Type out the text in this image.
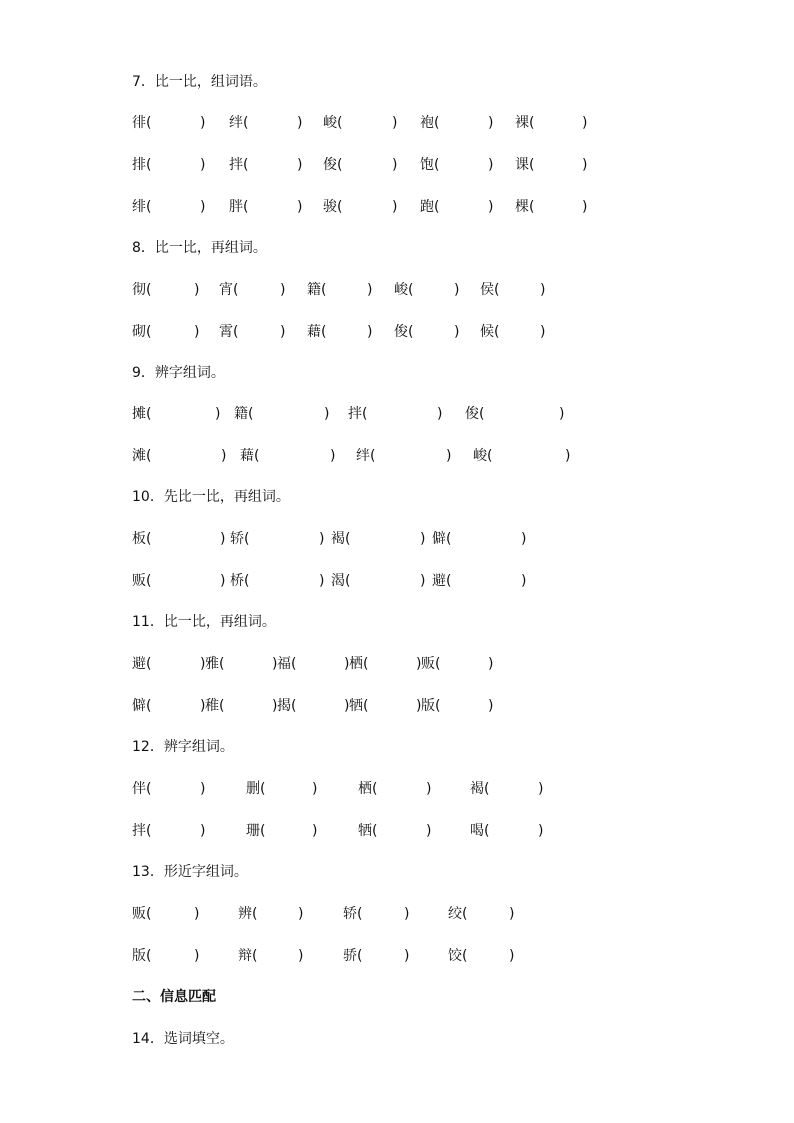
7．比一比，组词语。
徘(	) 绊(	) 峻(	) 袍(	) 裸(	)
排(	) 拌(	) 俊(	) 饱(	) 课(	)
绯(	) 胖(	) 骏(	) 跑(	) 棵(	)
8．比一比，再组词。
彻(	) 宵(	) 籍(	) 峻(	) 侯(	)
砌(	) 霄(	) 藉(	) 俊(	) 候(	)
9．辨字组词。
摊(	) 籍(	) 拌(	) 俊(	)
滩(	) 藉(	) 绊(	) 峻(	)
10．先比一比，再组词。
板(	) 轿(	) 褐(	) 僻(	)
贩(	) 桥(	) 渴(	) 避(	)
11．比一比，再组词。
避(	) 雅(	) 福(	) 栖(	) 贩(	)
僻(	) 稚(	) 揭(	) 牺(	) 版(	)
12．辨字组词。
伴(	)	删(	)	栖(	)	褐(	)
拌(	)	珊(	)	牺(	)	喝(	)
13．形近字组词。
贩(	)	辨(	)	轿(	)	绞(	)
版(	)	辩(	)	骄(	)	饺(	)
二、信息匹配
14．选词填空。
